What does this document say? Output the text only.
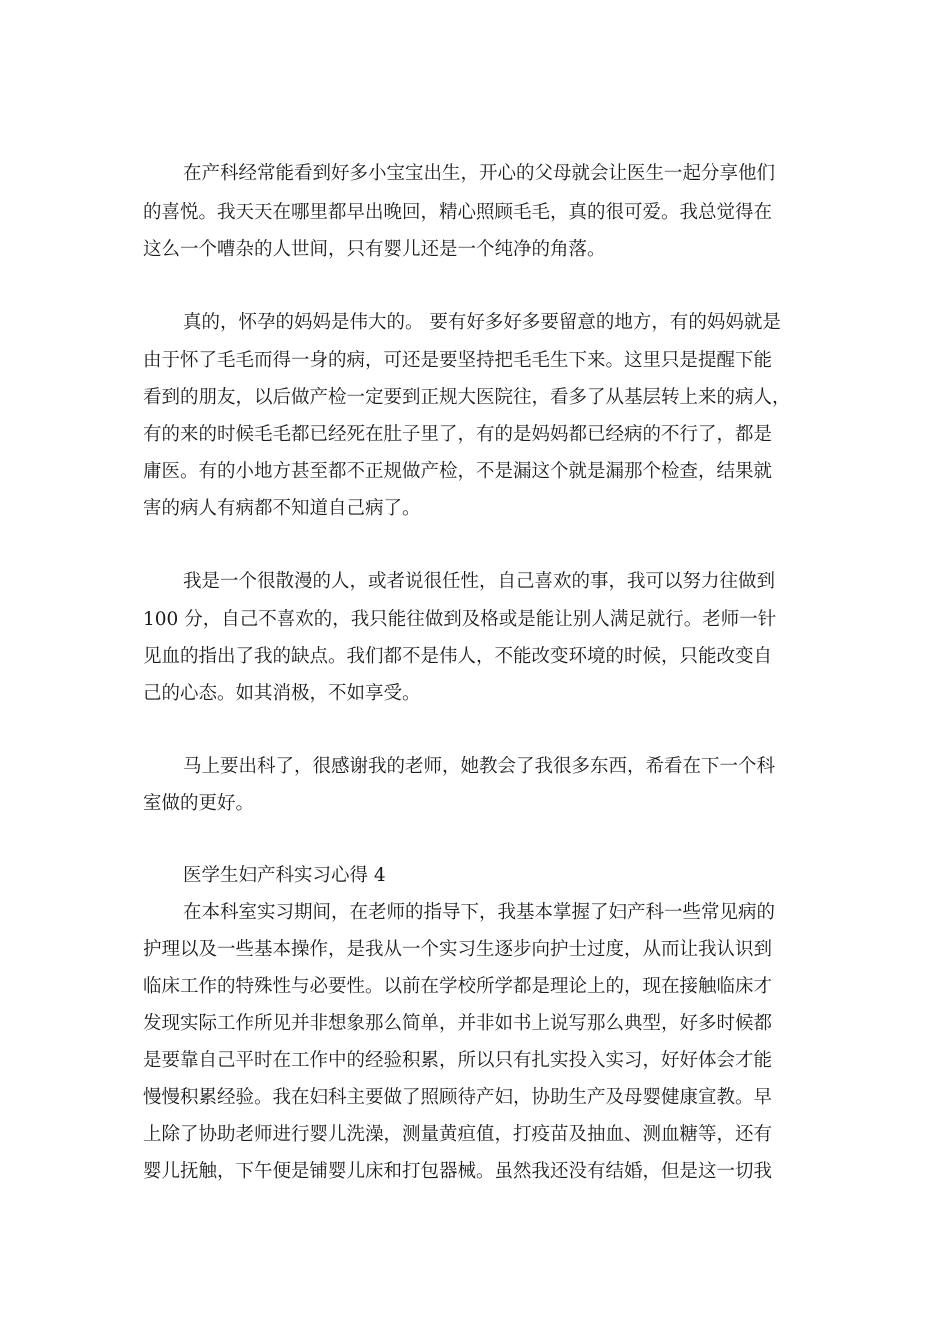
在产科经常能看到好多小宝宝出生，开心的父母就会让医生一起分享他们

的喜悦。我天天在哪里都早出晚回，精心照顾毛毛，真的很可爱。我总觉得在

这么一个嘈杂的人世间，只有婴儿还是一个纯净的角落。

真的，怀孕的妈妈是伟大的。 要有好多好多要留意的地方，有的妈妈就是

由于怀了毛毛而得一身的病，可还是要坚持把毛毛生下来。这里只是提醒下能

看到的朋友，以后做产检一定要到正规大医院往，看多了从基层转上来的病人，

有的来的时候毛毛都已经死在肚子里了，有的是妈妈都已经病的不行了，都是

庸医。有的小地方甚至都不正规做产检，不是漏这个就是漏那个检查，结果就

害的病人有病都不知道自己病了。

我是一个很散漫的人，或者说很任性，自己喜欢的事，我可以努力往做到

100 分，自己不喜欢的，我只能往做到及格或是能让别人满足就行。老师一针

见血的指出了我的缺点。我们都不是伟人，不能改变环境的时候，只能改变自

己的心态。如其消极，不如享受。

马上要出科了，很感谢我的老师，她教会了我很多东西，希看在下一个科

室做的更好。

医学生妇产科实习心得 4

在本科室实习期间，在老师的指导下，我基本掌握了妇产科一些常见病的

护理以及一些基本操作，是我从一个实习生逐步向护士过度，从而让我认识到

临床工作的特殊性与必要性。以前在学校所学都是理论上的，现在接触临床才

发现实际工作所见并非想象那么简单，并非如书上说写那么典型，好多时候都

是要靠自己平时在工作中的经验积累，所以只有扎实投入实习，好好体会才能

慢慢积累经验。我在妇科主要做了照顾待产妇，协助生产及母婴健康宣教。早

上除了协助老师进行婴儿洗澡，测量黄疸值，打疫苗及抽血、测血糖等，还有

婴儿抚触，下午便是铺婴儿床和打包器械。虽然我还没有结婚，但是这一切我
